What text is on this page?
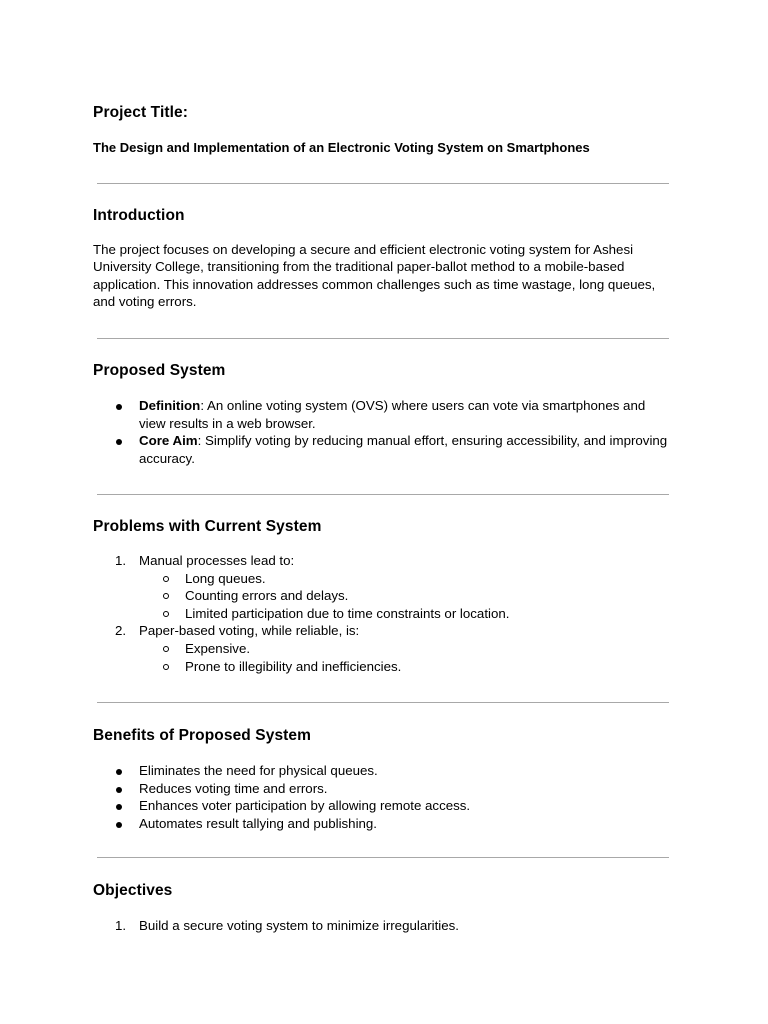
Project Title:

The Design and Implementation of an Electronic Voting System on Smartphones

Introduction

The project focuses on developing a secure and efficient electronic voting system for Ashesi University College, transitioning from the traditional paper-ballot method to a mobile-based application. This innovation addresses common challenges such as time wastage, long queues, and voting errors.

Proposed System
Definition: An online voting system (OVS) where users can vote via smartphones and view results in a web browser.
Core Aim: Simplify voting by reducing manual effort, ensuring accessibility, and improving accuracy.
Problems with Current System
1. Manual processes lead to:
Long queues.
Counting errors and delays.
Limited participation due to time constraints or location.
2. Paper-based voting, while reliable, is:
Expensive.
Prone to illegibility and inefficiencies.
Benefits of Proposed System
Eliminates the need for physical queues.
Reduces voting time and errors.
Enhances voter participation by allowing remote access.
Automates result tallying and publishing.
Objectives
1. Build a secure voting system to minimize irregularities.
